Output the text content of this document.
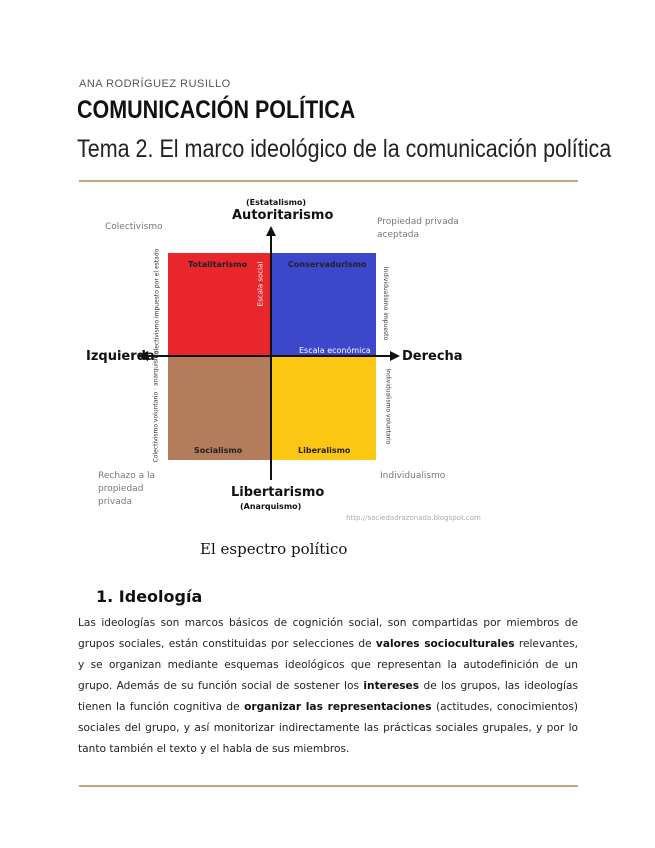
ANA RODRÍGUEZ RUSILLO
COMUNICACIÓN POLÍTICA
Tema 2. El marco ideológico de la comunicación política
(Estatalismo)
Autoritarismo
Libertarismo
(Anarquismo)
Izquierda	Derecha
Colectivismo	Propiedad privada
aceptada
Rechazo a la
propiedad
privada
Individualismo
Totalitarismo	Conservadurismo
Socialismo	Liberalismo
Escala social
Escala económica
Colectivismo impuesto por el estado
Colectivismo voluntario · anarquismo
Individualismo impuesto
Individualismo voluntario
http://sociedadrazonada.blogspot.com
El espectro político
1. Ideología
Las ideologías son marcos básicos de cognición social, son compartidas por miembros de grupos sociales, están constituidas por selecciones de valores socioculturales relevantes, y se organizan mediante esquemas ideológicos que representan la autodefinición de un grupo. Además de su función social de sostener los intereses de los grupos, las ideologías tienen la función cognitiva de organizar las representaciones (actitudes, conocimientos) sociales del grupo, y así monitorizar indirectamente las prácticas sociales grupales, y por lo tanto también el texto y el habla de sus miembros.
